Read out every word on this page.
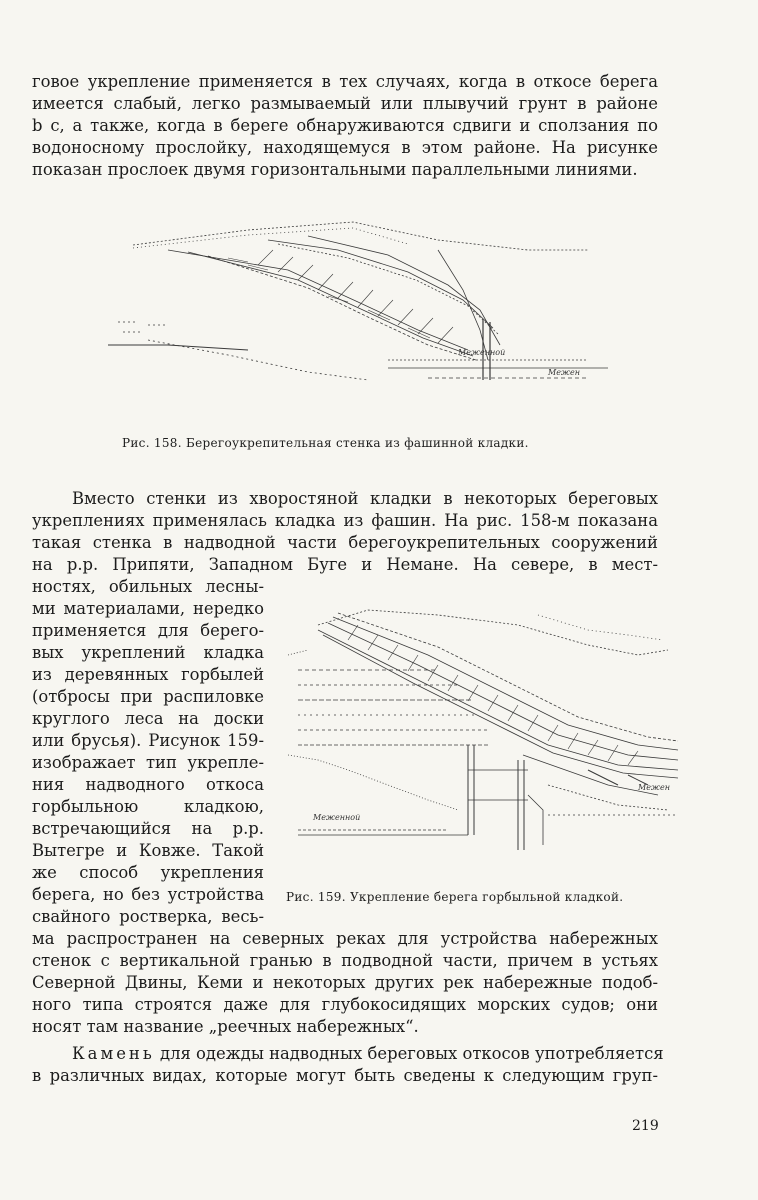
говое укрепление применяется в тех случаях, когда в откосе берега
имеется слабый, легко размываемый или плывучий грунт в районе
b c, а также, когда в береге обнаруживаются сдвиги и сползания по
водоносному прослойку, находящемуся в этом районе. На рисунке
показан прослоек двумя горизонтальными параллельными линиями.
Меженной
Межен
Рис. 158. Берегоукрепительная стенка из фашинной кладки.
Вместо стенки из хворостяной кладки в некоторых береговых
укреплениях применялась кладка из фашин. На рис. 158-м показана
такая стенка в надводной части берегоукрепительных сооружений
на р.р. Припяти, Западном Буге и Немане. На севере, в мест-
ностях, обильных лесны-
ми материалами, нередко
применяется для берего-
вых укреплений кладка
из деревянных горбылей
(отбросы при распиловке
круглого леса на доски
или брусья). Рисунок 159-
изображает тип укрепле-
ния надводного откоса
горбыльною кладкою,
встречающийся на р.р.
Вытегре и Ковже. Такой
же способ укрепления
берега, но без устройства
свайного ростверка, весь-
Меженной
Межен
Рис. 159. Укрепление берега горбыльной кладкой.
ма распространен на северных реках для устройства набережных
стенок с вертикальной гранью в подводной части, причем в устьях
Северной Двины, Кеми и некоторых других рек набережные подоб-
ного типа строятся даже для глубокосидящих морских судов; они
носят там название „реечных набережных“.
Камень для одежды надводных береговых откосов употребляется
в различных видах, которые могут быть сведены к следующим груп-
219
